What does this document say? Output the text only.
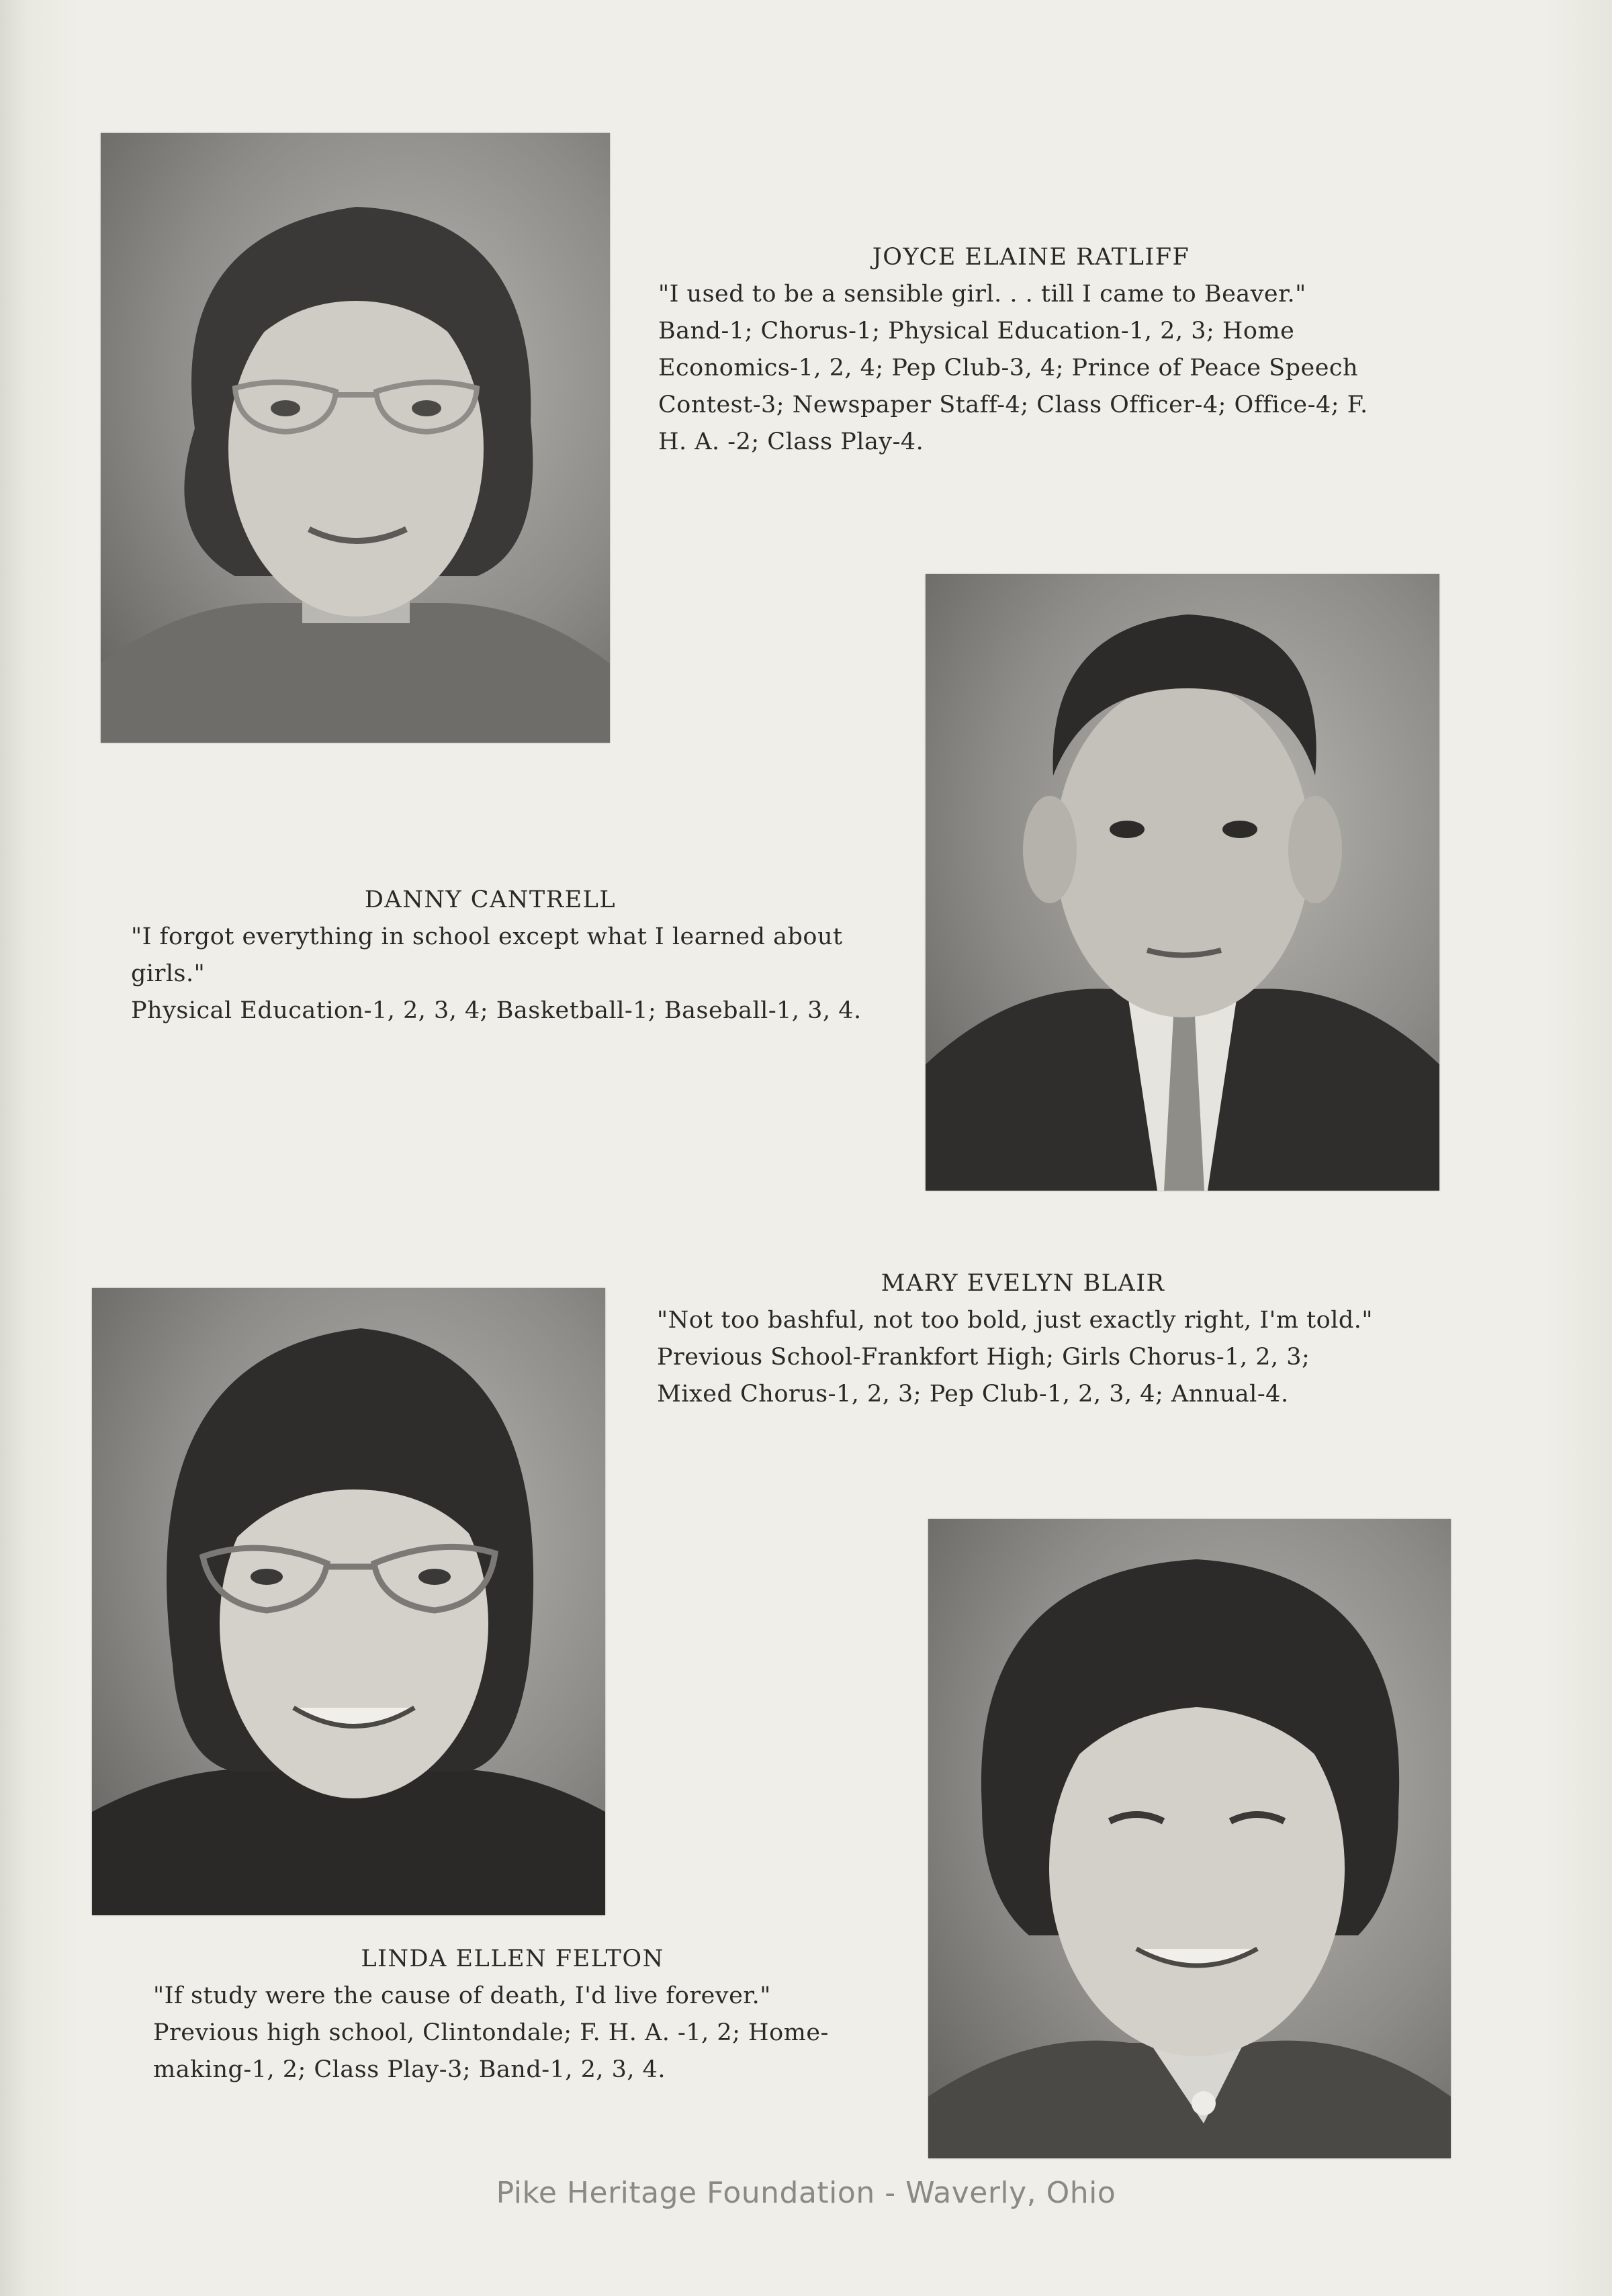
JOYCE ELAINE RATLIFF

"I used to be a sensible girl. . . till I came to Beaver."

Band-1; Chorus-1; Physical Education-1, 2, 3; Home Economics-1, 2, 4; Pep Club-3, 4; Prince of Peace Speech Contest-3; Newspaper Staff-4; Class Officer-4; Office-4; F. H. A. -2; Class Play-4.

DANNY CANTRELL

"I forgot everything in school except what I learned about girls."

Physical Education-1, 2, 3, 4; Basketball-1; Baseball-1, 3, 4.

MARY EVELYN BLAIR

"Not too bashful, not too bold, just exactly right, I'm told."

Previous School-Frankfort High; Girls Chorus-1, 2, 3; Mixed Chorus-1, 2, 3; Pep Club-1, 2, 3, 4; Annual-4.

LINDA ELLEN FELTON

"If study were the cause of death, I'd live forever."

Previous high school, Clintondale; F. H. A. -1, 2; Home-making-1, 2; Class Play-3; Band-1, 2, 3, 4.

Pike Heritage Foundation - Waverly, Ohio
